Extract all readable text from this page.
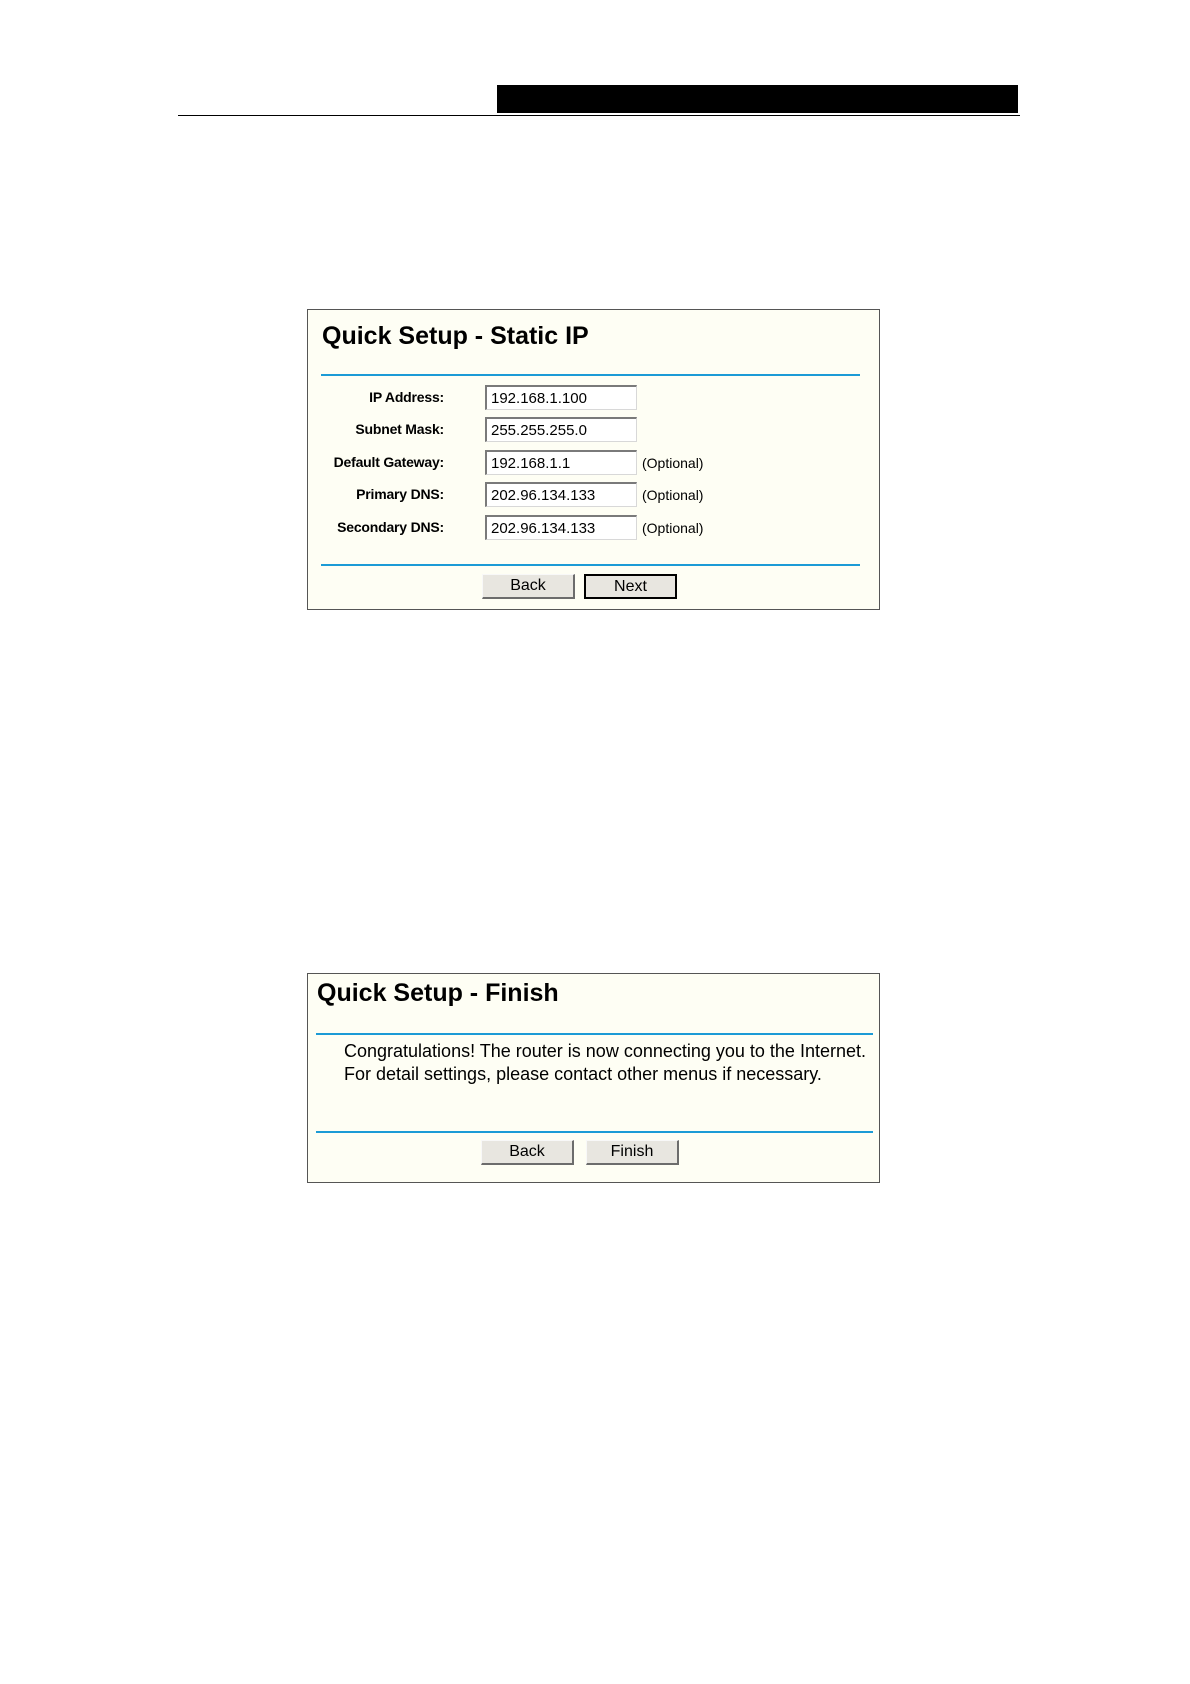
Quick Setup - Static IP
IP Address:
192.168.1.100
Subnet Mask:
255.255.255.0
Default Gateway:
192.168.1.1	(Optional)
Primary DNS:
202.96.134.133	(Optional)
Secondary DNS:
202.96.134.133	(Optional)
Back	Next
Quick Setup - Finish
Congratulations! The router is now connecting you to the Internet. For detail settings, please contact other menus if necessary.
Back	Finish
